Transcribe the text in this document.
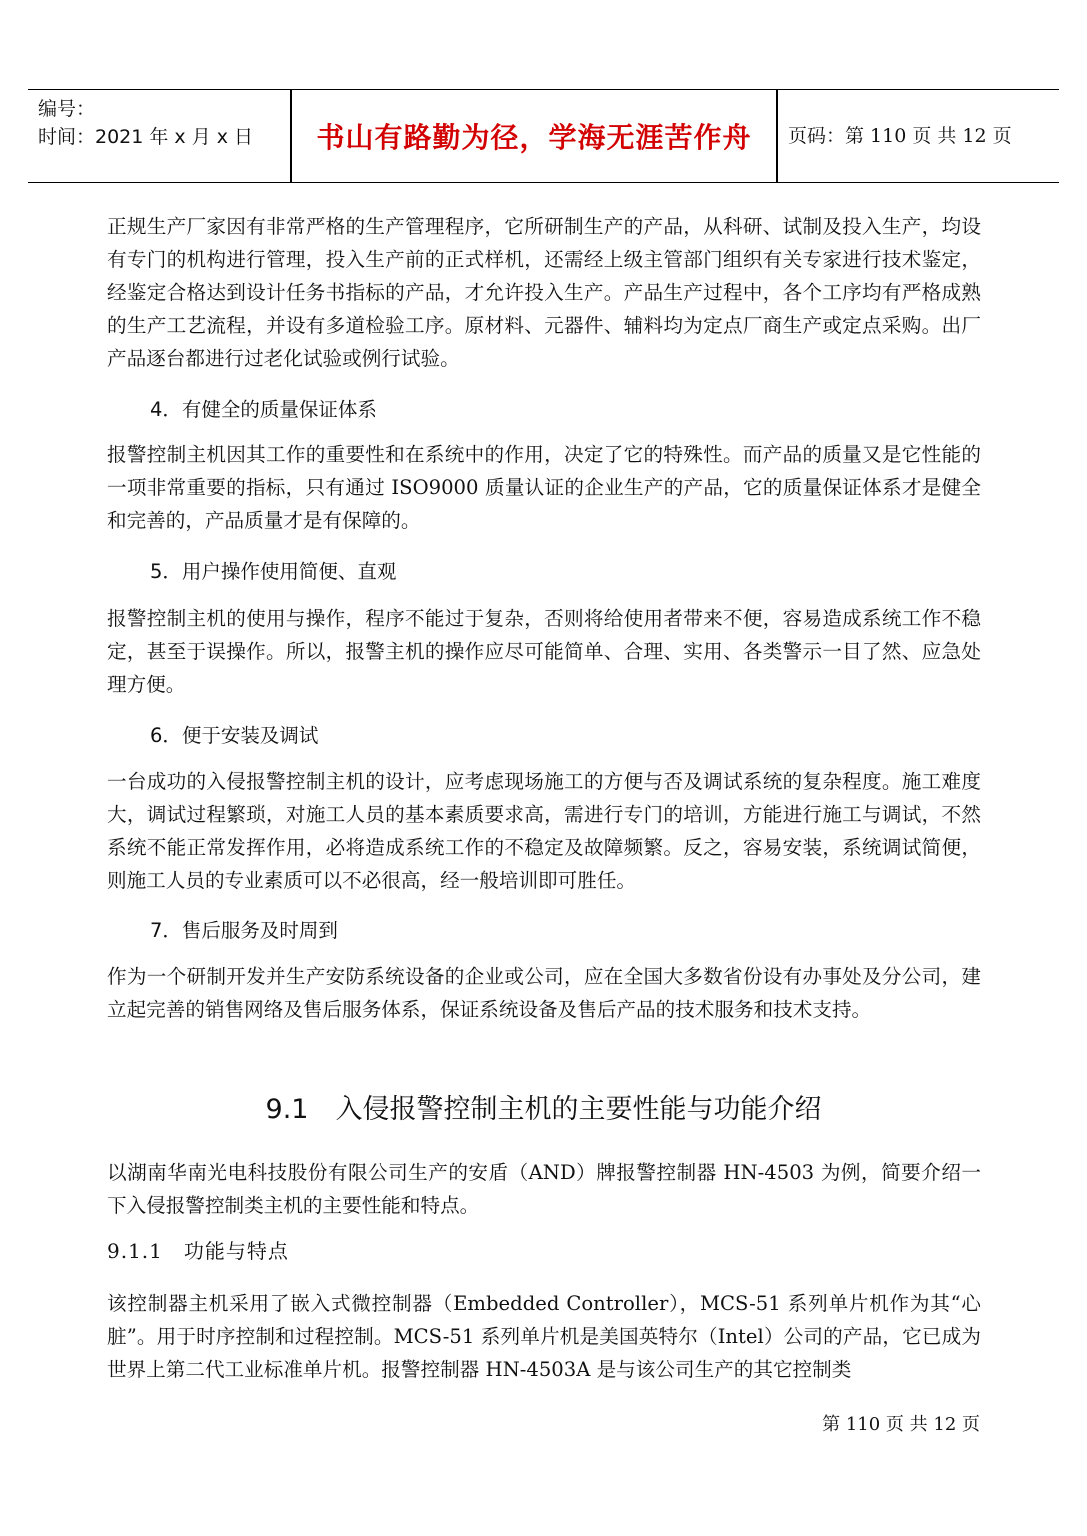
编号：
时间：2021 年 x 月 x 日	书山有路勤为径，学海无涯苦作舟	页码：第 110 页 共 12 页

正规生产厂家因有非常严格的生产管理程序，它所研制生产的产品，从科研、试制及投入生产，均设有专门的机构进行管理，投入生产前的正式样机，还需经上级主管部门组织有关专家进行技术鉴定，经鉴定合格达到设计任务书指标的产品，才允许投入生产。产品生产过程中，各个工序均有严格成熟的生产工艺流程，并设有多道检验工序。原材料、元器件、辅料均为定点厂商生产或定点采购。出厂产品逐台都进行过老化试验或例行试验。

4．有健全的质量保证体系

报警控制主机因其工作的重要性和在系统中的作用，决定了它的特殊性。而产品的质量又是它性能的一项非常重要的指标，只有通过 ISO9000 质量认证的企业生产的产品，它的质量保证体系才是健全和完善的，产品质量才是有保障的。

5．用户操作使用简便、直观

报警控制主机的使用与操作，程序不能过于复杂，否则将给使用者带来不便，容易造成系统工作不稳定，甚至于误操作。所以，报警主机的操作应尽可能简单、合理、实用、各类警示一目了然、应急处理方便。

6．便于安装及调试

一台成功的入侵报警控制主机的设计，应考虑现场施工的方便与否及调试系统的复杂程度。施工难度大，调试过程繁琐，对施工人员的基本素质要求高，需进行专门的培训，方能进行施工与调试，不然系统不能正常发挥作用，必将造成系统工作的不稳定及故障频繁。反之，容易安装，系统调试简便，则施工人员的专业素质可以不必很高，经一般培训即可胜任。

7．售后服务及时周到

作为一个研制开发并生产安防系统设备的企业或公司，应在全国大多数省份设有办事处及分公司，建立起完善的销售网络及售后服务体系，保证系统设备及售后产品的技术服务和技术支持。

9.1　入侵报警控制主机的主要性能与功能介绍

以湖南华南光电科技股份有限公司生产的安盾（AND）牌报警控制器 HN-4503 为例，简要介绍一下入侵报警控制类主机的主要性能和特点。

9.1.1　功能与特点

该控制器主机采用了嵌入式微控制器（Embedded Controller），MCS-51 系列单片机作为其“心脏”。用于时序控制和过程控制。MCS-51 系列单片机是美国英特尔（Intel）公司的产品，它已成为世界上第二代工业标准单片机。报警控制器 HN-4503A 是与该公司生产的其它控制类

第 110 页 共 12 页
